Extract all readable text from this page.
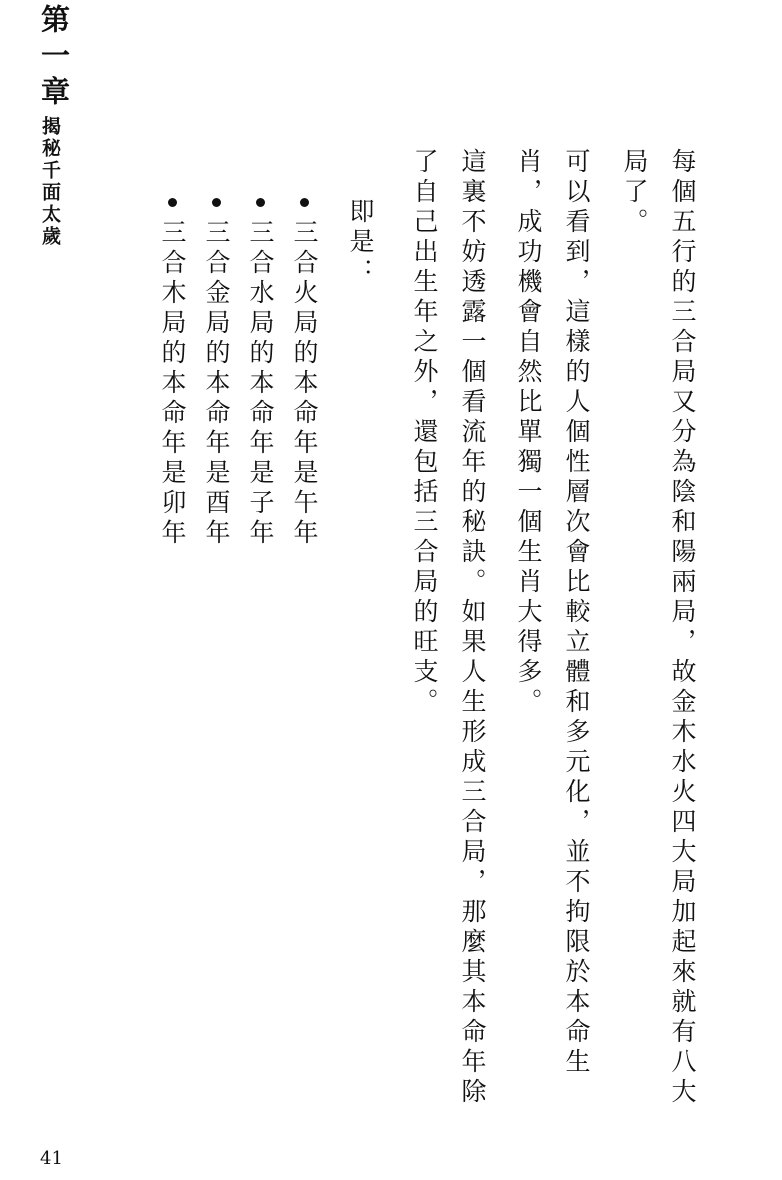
第一章
揭秘千面太歲	每個五行的三合局又分為陰和陽兩局，故金木水火四大局加起來就有八大局了。
可以看到，這樣的人個性層次會比較立體和多元化，並不拘限於本命生肖，成功機會自然比單獨一個生肖大得多。
這裏不妨透露一個看流年的秘訣。如果人生形成三合局，那麼其本命年除了自己出生年之外，還包括三合局的旺支。
即是：
三合火局的本命年是午年
三合水局的本命年是子年
三合金局的本命年是酉年
三合木局的本命年是卯年
41
